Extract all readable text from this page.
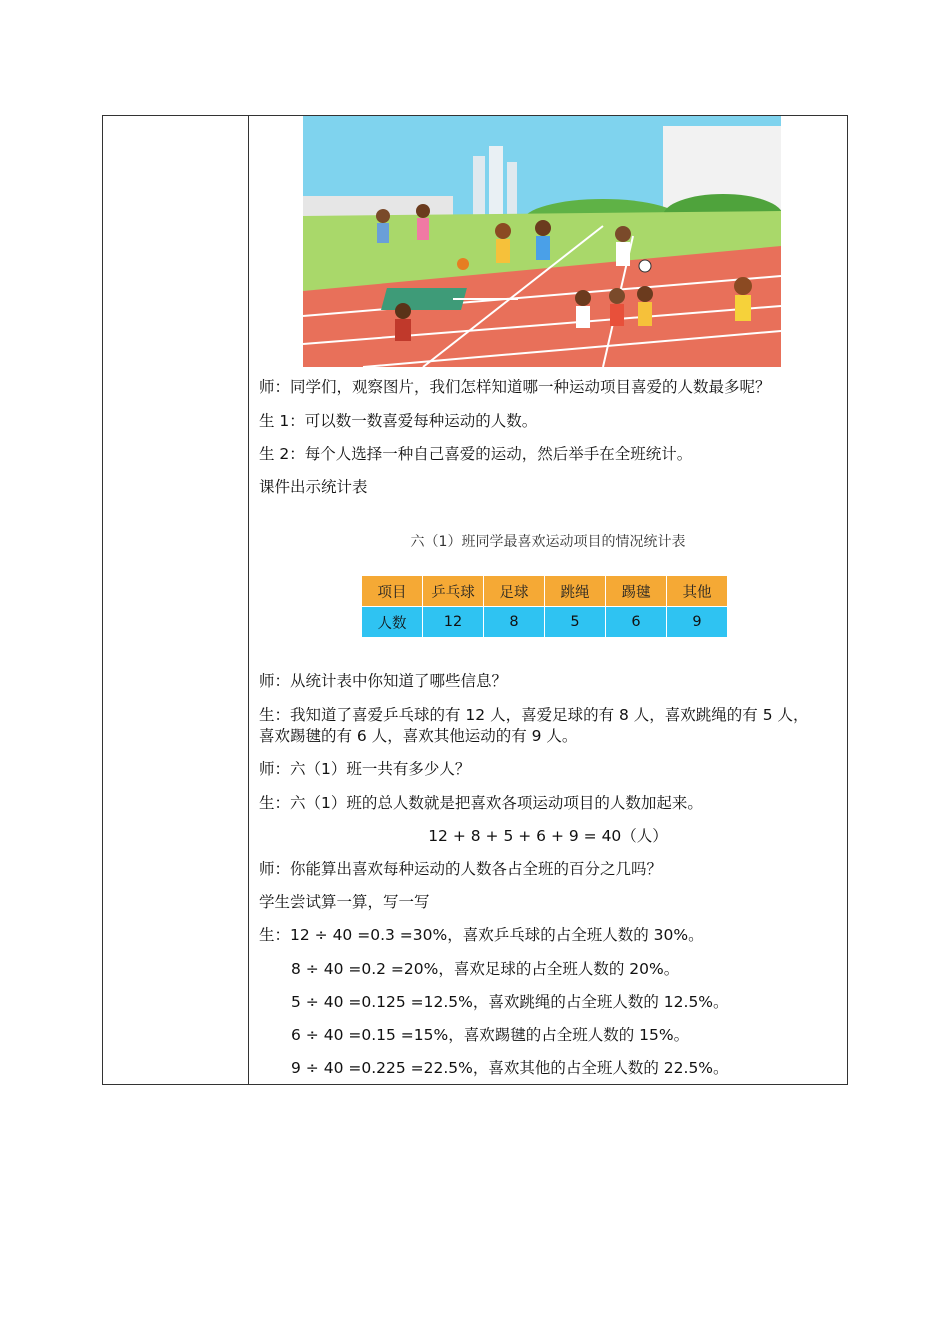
师：同学们，观察图片，我们怎样知道哪一种运动项目喜爱的人数最多呢？
生 1：可以数一数喜爱每种运动的人数。
生 2：每个人选择一种自己喜爱的运动，然后举手在全班统计。
课件出示统计表
六（1）班同学最喜欢运动项目的情况统计表
项目	乒乓球	足球	跳绳	踢毽	其他
人数	12	8	5	6	9
师：从统计表中你知道了哪些信息？
生：我知道了喜爱乒乓球的有 12 人，喜爱足球的有 8 人，喜欢跳绳的有 5 人，
喜欢踢毽的有 6 人，喜欢其他运动的有 9 人。
师：六（1）班一共有多少人？
生：六（1）班的总人数就是把喜欢各项运动项目的人数加起来。
12 + 8 + 5 + 6 + 9 = 40（人）
师：你能算出喜欢每种运动的人数各占全班的百分之几吗？
学生尝试算一算，写一写
生：12 ÷ 40 =0.3 =30%，喜欢乒乓球的占全班人数的 30%。
8 ÷ 40 =0.2 =20%，喜欢足球的占全班人数的 20%。
5 ÷ 40 =0.125 =12.5%，喜欢跳绳的占全班人数的 12.5%。
6 ÷ 40 =0.15 =15%，喜欢踢毽的占全班人数的 15%。
9 ÷ 40 =0.225 =22.5%，喜欢其他的占全班人数的 22.5%。
